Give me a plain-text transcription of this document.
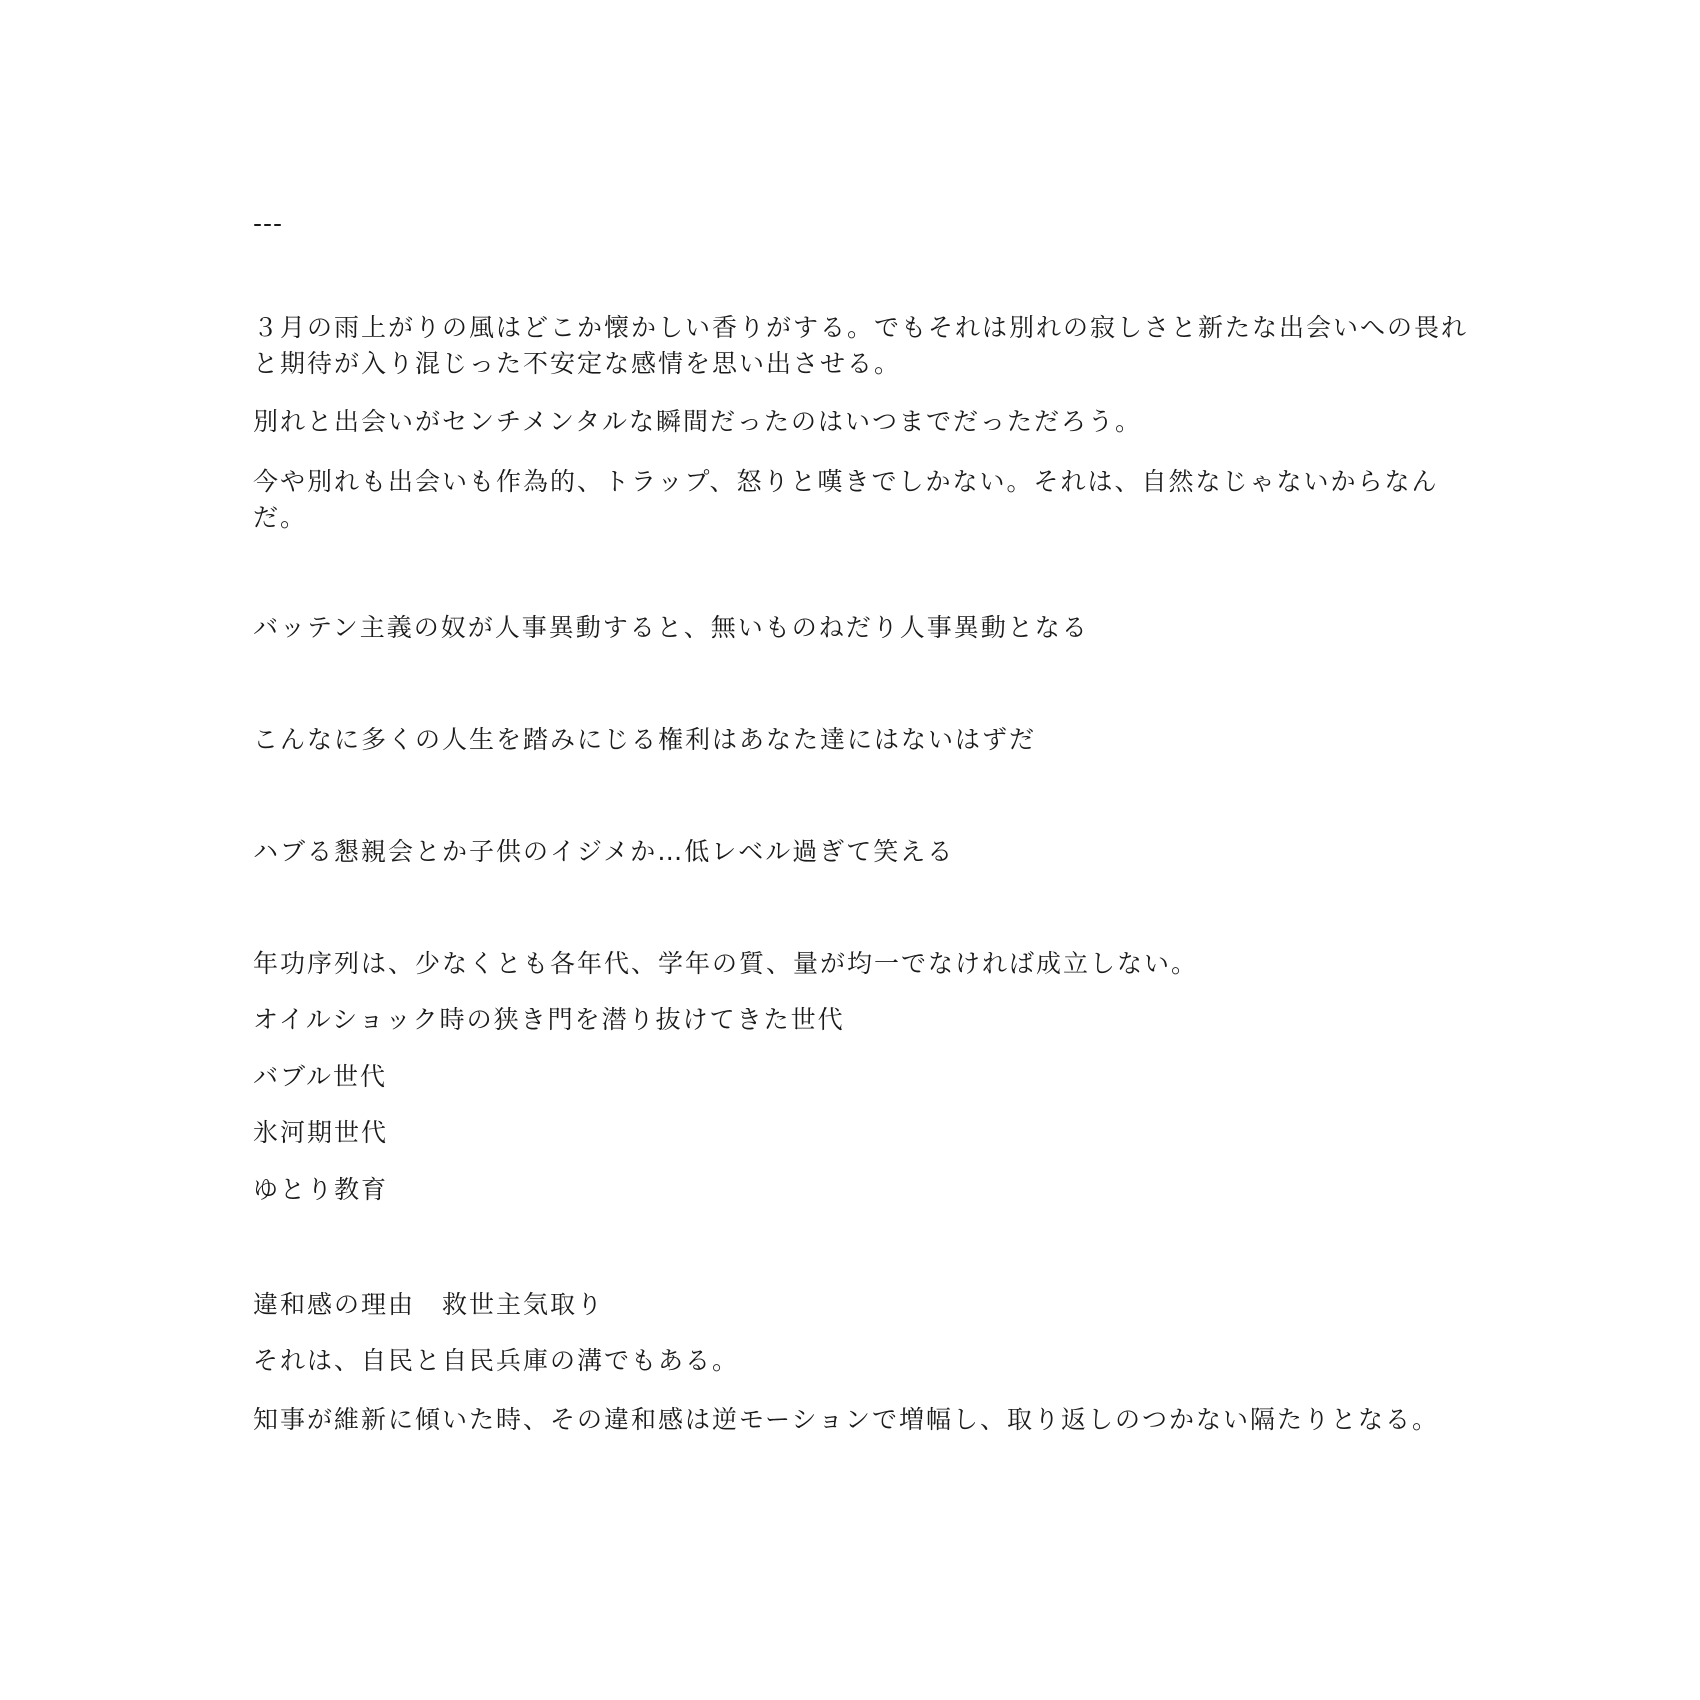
---
３月の雨上がりの風はどこか懐かしい香りがする。でもそれは別れの寂しさと新たな出会いへの畏れと期待が入り混じった不安定な感情を思い出させる。
別れと出会いがセンチメンタルな瞬間だったのはいつまでだっただろう。
今や別れも出会いも作為的、トラップ、怒りと嘆きでしかない。それは、自然なじゃないからなんだ。
バッテン主義の奴が人事異動すると、無いものねだり人事異動となる
こんなに多くの人生を踏みにじる権利はあなた達にはないはずだ
ハブる懇親会とか子供のイジメか…低レベル過ぎて笑える
年功序列は、少なくとも各年代、学年の質、量が均一でなければ成立しない。
オイルショック時の狭き門を潜り抜けてきた世代
バブル世代
氷河期世代
ゆとり教育
違和感の理由　救世主気取り
それは、自民と自民兵庫の溝でもある。
知事が維新に傾いた時、その違和感は逆モーションで増幅し、取り返しのつかない隔たりとなる。
